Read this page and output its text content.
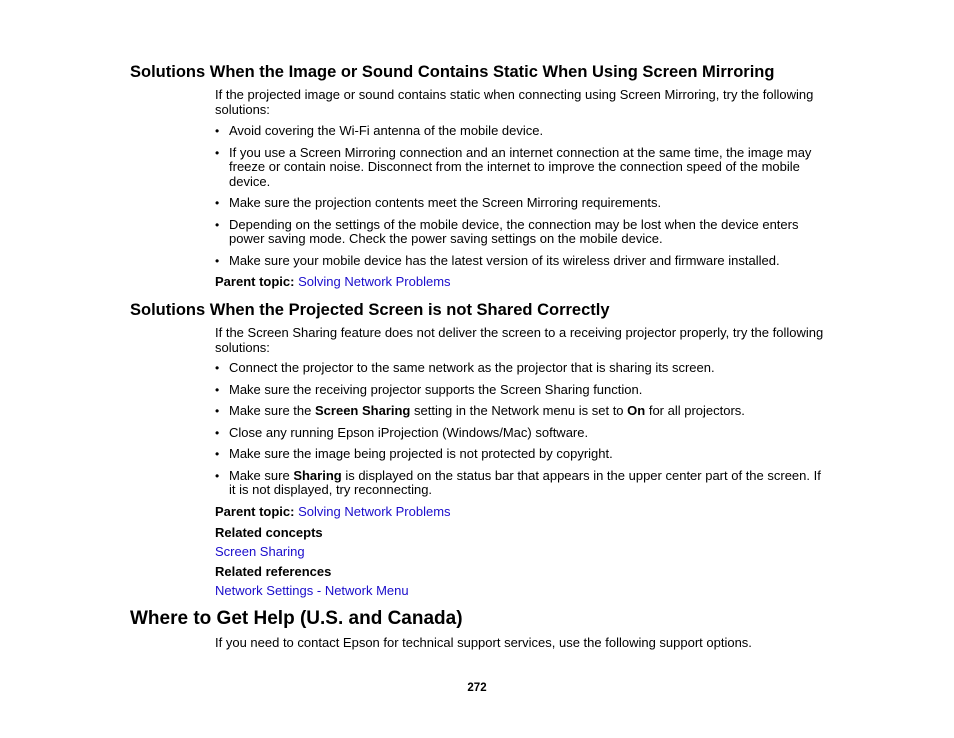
Solutions When the Image or Sound Contains Static When Using Screen Mirroring

If the projected image or sound contains static when connecting using Screen Mirroring, try the following solutions:

• Avoid covering the Wi-Fi antenna of the mobile device.
• If you use a Screen Mirroring connection and an internet connection at the same time, the image may freeze or contain noise. Disconnect from the internet to improve the connection speed of the mobile device.
• Make sure the projection contents meet the Screen Mirroring requirements.
• Depending on the settings of the mobile device, the connection may be lost when the device enters power saving mode. Check the power saving settings on the mobile device.
• Make sure your mobile device has the latest version of its wireless driver and firmware installed.
Parent topic: Solving Network Problems
Solutions When the Projected Screen is not Shared Correctly

If the Screen Sharing feature does not deliver the screen to a receiving projector properly, try the following solutions:

• Connect the projector to the same network as the projector that is sharing its screen.
• Make sure the receiving projector supports the Screen Sharing function.
• Make sure the Screen Sharing setting in the Network menu is set to On for all projectors.
• Close any running Epson iProjection (Windows/Mac) software.
• Make sure the image being projected is not protected by copyright.
• Make sure Sharing is displayed on the status bar that appears in the upper center part of the screen. If it is not displayed, try reconnecting.
Parent topic: Solving Network Problems
Related concepts
Screen Sharing
Related references
Network Settings - Network Menu
Where to Get Help (U.S. and Canada)

If you need to contact Epson for technical support services, use the following support options.

272
